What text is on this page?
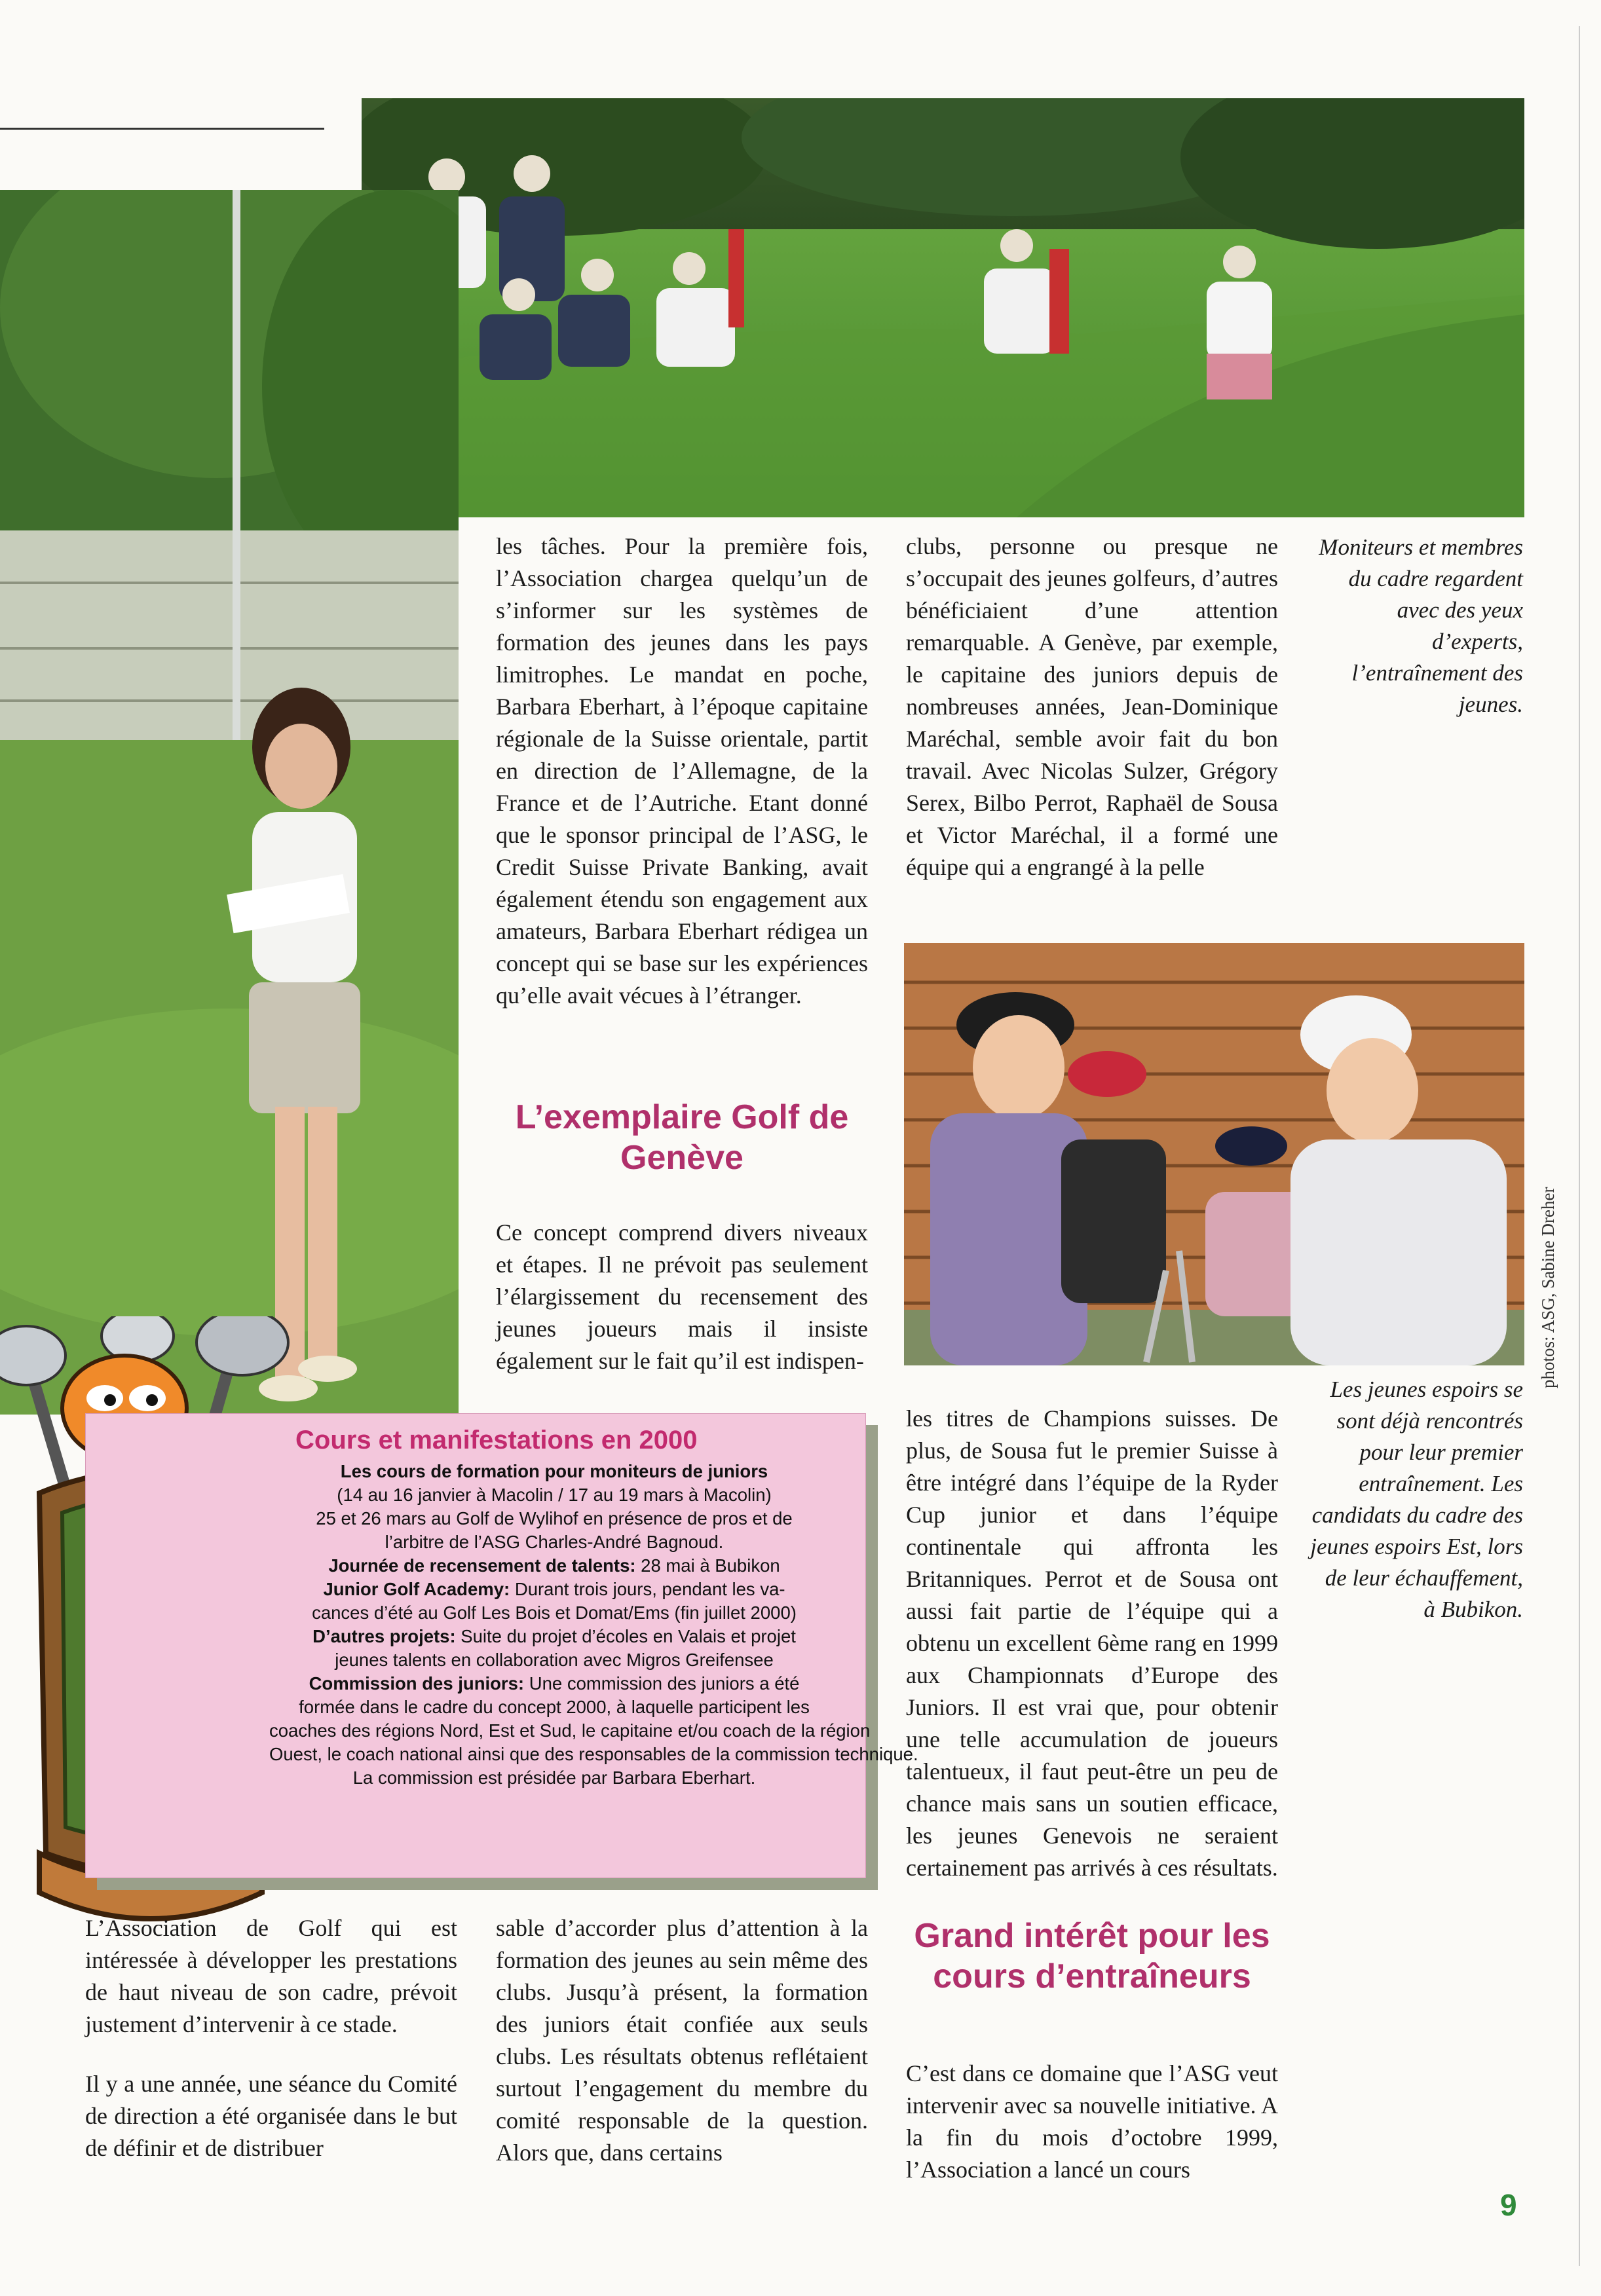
Moniteurs et membres du cadre regardent avec des yeux d’experts, l’entraînement des jeunes.

Les jeunes espoirs se sont déjà rencontrés pour leur premier entraînement. Les candidats du cadre des jeunes espoirs Est, lors de leur échauffement, à Bubikon.

photos: ASG, Sabine Dreher
les tâches. Pour la première fois, l’Association chargea quelqu’un de s’informer sur les systèmes de formation des jeunes dans les pays limitrophes. Le mandat en poche, Barbara Eberhart, à l’époque capitaine régionale de la Suisse orientale, partit en direction de l’Allemagne, de la France et de l’Autriche. Etant donné que le sponsor principal de l’ASG, le Credit Suisse Private Banking, avait également étendu son engagement aux amateurs, Barbara Eberhart rédigea un concept qui se base sur les expériences qu’elle avait vécues à l’étranger.

L’exemplaire Golf de Genève

Ce concept comprend divers niveaux et étapes. Il ne prévoit pas seulement l’élargissement du recensement des jeunes joueurs mais il insiste également sur le fait qu’il est indispen-
clubs, personne ou presque ne s’occupait des jeunes golfeurs, d’autres bénéficiaient d’une attention remarquable. A Genève, par exemple, le capitaine des juniors depuis de nombreuses années, Jean-Dominique Maréchal, semble avoir fait du bon travail. Avec Nicolas Sulzer, Grégory Serex, Bilbo Perrot, Raphaël de Sousa et Victor Maréchal, il a formé une équipe qui a engrangé à la pelle
les titres de Champions suisses. De plus, de Sousa fut le premier Suisse à être intégré dans l’équipe de la Ryder Cup junior et dans l’équipe continentale qui affronta les Britanniques. Perrot et de Sousa ont aussi fait partie de l’équipe qui a obtenu un excellent 6ème rang en 1999 aux Championnats d’Europe des Juniors. Il est vrai que, pour obtenir une telle accumulation de joueurs talentueux, il faut peut-être un peu de chance mais sans un soutien efficace, les jeunes Genevois ne seraient certainement pas arrivés à ces résultats.

Grand intérêt pour les cours d’entraîneurs

Cours et manifestations en 2000
Les cours de formation pour moniteurs de juniors
(14 au 16 janvier à Macolin / 17 au 19 mars à Macolin)
25 et 26 mars au Golf de Wylihof en présence de pros et de
l’arbitre de l’ASG Charles-André Bagnoud.
Journée de recensement de talents: 28 mai à Bubikon
Junior Golf Academy: Durant trois jours, pendant les va-
cances d’été au Golf Les Bois et Domat/Ems (fin juillet 2000)
D’autres projets: Suite du projet d’écoles en Valais et projet
jeunes talents en collaboration avec Migros Greifensee
Commission des juniors: Une commission des juniors a été
formée dans le cadre du concept 2000, à laquelle participent les
coaches des régions Nord, Est et Sud, le capitaine et/ou coach de la région
Ouest, le coach national ainsi que des responsables de la commission technique.
La commission est présidée par Barbara Eberhart.

L’Association de Golf qui est intéressée à développer les prestations de haut niveau de son cadre, prévoit justement d’intervenir à ce stade.

Il y a une année, une séance du Comité de direction a été organisée dans le but de définir et de distribuer

sable d’accorder plus d’attention à la formation des jeunes au sein même des clubs. Jusqu’à présent, la formation des juniors était confiée aux seuls clubs. Les résultats obtenus reflétaient surtout l’engagement du membre du comité responsable de la question. Alors que, dans certains
C’est dans ce domaine que l’ASG veut intervenir avec sa nouvelle initiative. A la fin du mois d’octobre 1999, l’Association a lancé un cours
9
